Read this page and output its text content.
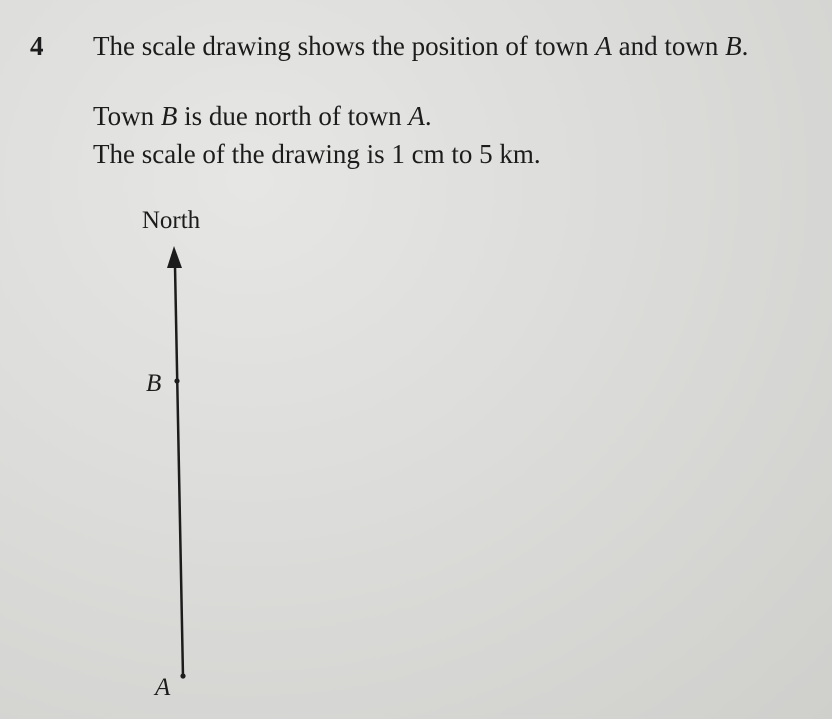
4 The scale drawing shows the position of town A and town B.
Town B is due north of town A.
The scale of the drawing is 1 cm to 5 km.
North
B
A
